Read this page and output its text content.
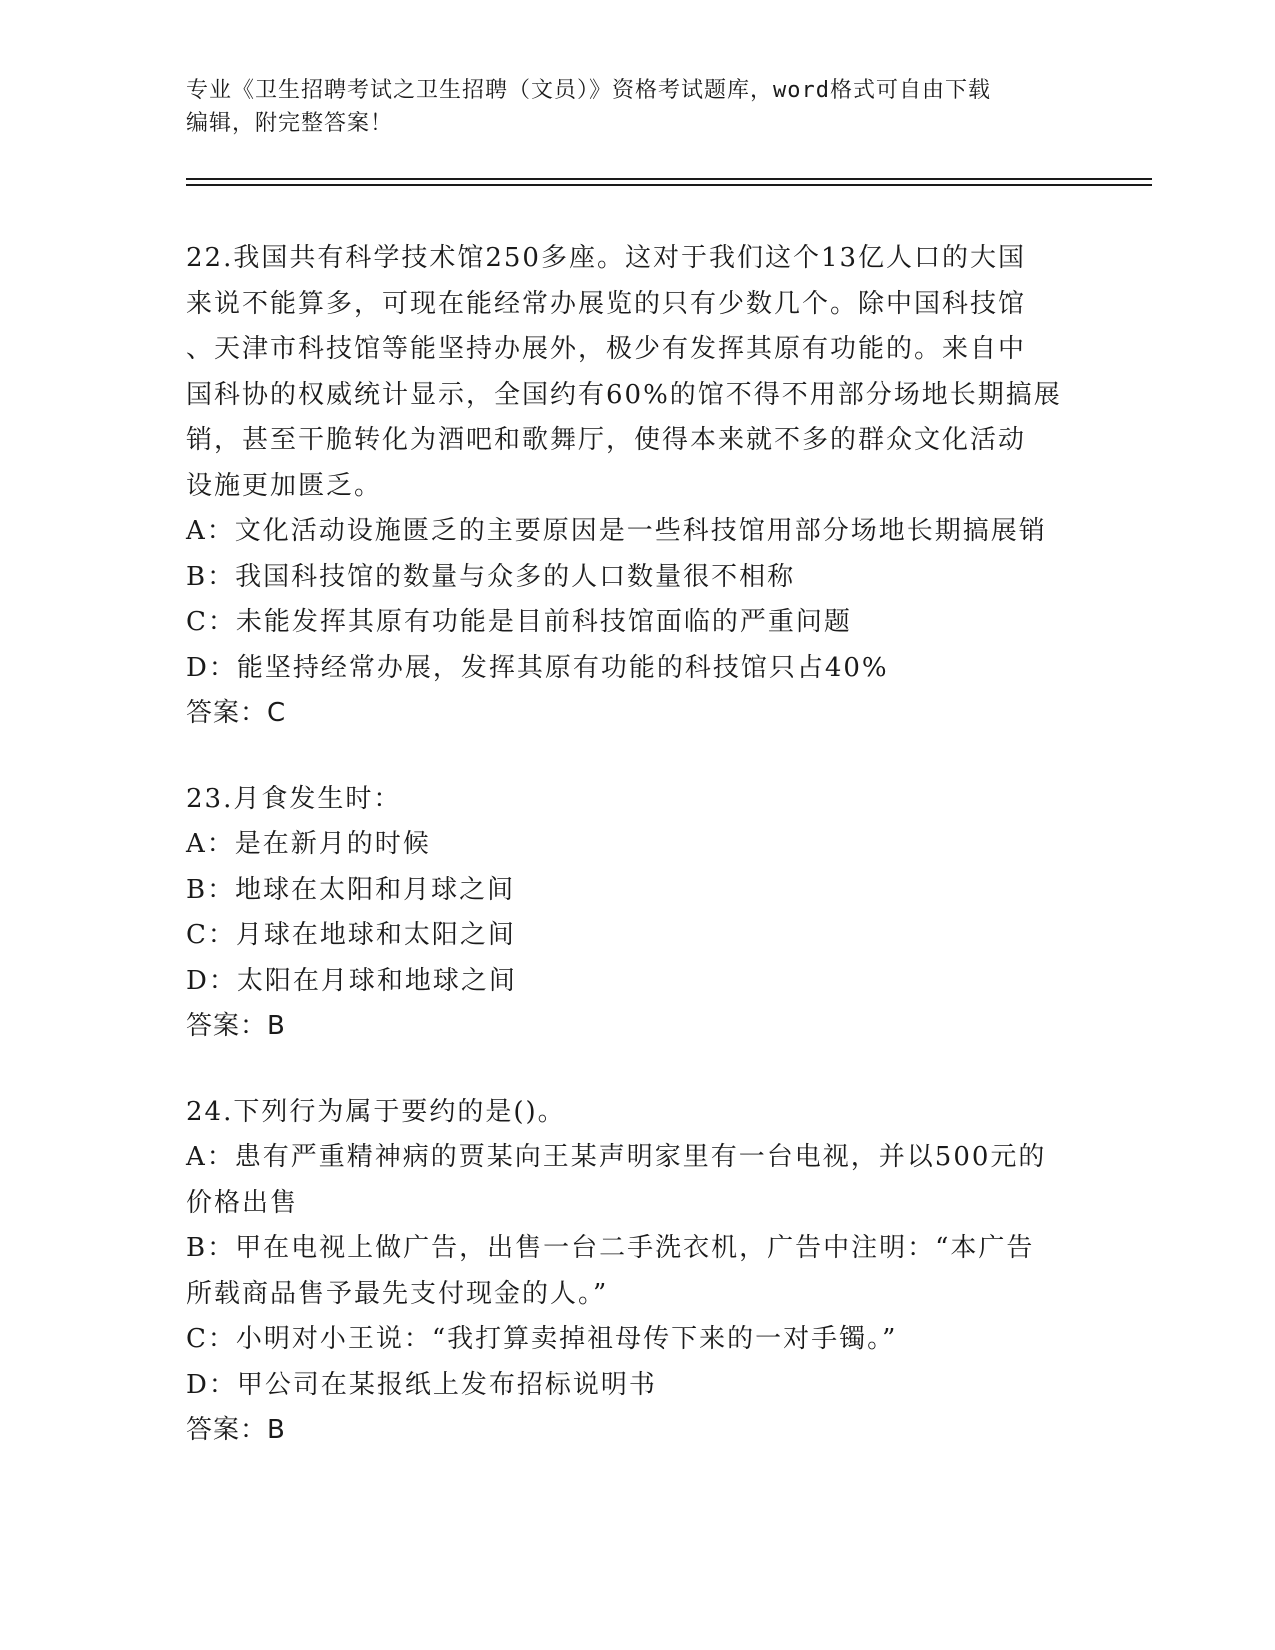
专业《卫生招聘考试之卫生招聘（文员）》资格考试题库，word格式可自由下载
编辑，附完整答案！
22.我国共有科学技术馆250多座。这对于我们这个13亿人口的大国
来说不能算多，可现在能经常办展览的只有少数几个。除中国科技馆
、天津市科技馆等能坚持办展外，极少有发挥其原有功能的。来自中
国科协的权威统计显示，全国约有60%的馆不得不用部分场地长期搞展
销，甚至干脆转化为酒吧和歌舞厅，使得本来就不多的群众文化活动
设施更加匮乏。
A：文化活动设施匮乏的主要原因是一些科技馆用部分场地长期搞展销
B：我国科技馆的数量与众多的人口数量很不相称
C：未能发挥其原有功能是目前科技馆面临的严重问题
D：能坚持经常办展，发挥其原有功能的科技馆只占40%
答案：C
23.月食发生时：
A：是在新月的时候
B：地球在太阳和月球之间
C：月球在地球和太阳之间
D：太阳在月球和地球之间
答案：B
24.下列行为属于要约的是()。
A：患有严重精神病的贾某向王某声明家里有一台电视，并以500元的
价格出售
B：甲在电视上做广告，出售一台二手洗衣机，广告中注明：“本广告
所载商品售予最先支付现金的人。”
C：小明对小王说：“我打算卖掉祖母传下来的一对手镯。”
D：甲公司在某报纸上发布招标说明书
答案：B
